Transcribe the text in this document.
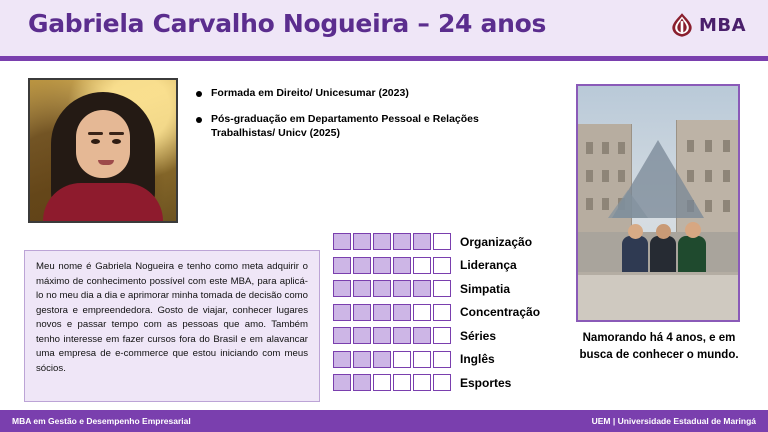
Gabriela Carvalho Nogueira – 24 anos	MBA
Formada em Direito/ Unicesumar (2023)
Pós-graduação em Departamento Pessoal e Relações Trabalhistas/ Unicv (2025)
Meu nome é Gabriela Nogueira e tenho como meta adquirir o máximo de conhecimento possível com este MBA, para aplicá-lo no meu dia a dia e aprimorar minha tomada de decisão como gestora e empreendedora. Gosto de viajar, conhecer lugares novos e passar tempo com as pessoas que amo. Também tenho interesse em fazer cursos fora do Brasil e em alavancar uma empresa de e-commerce que estou iniciando com meus sócios.
Organização
Liderança
Simpatia
Concentração
Séries
Inglês
Esportes
Namorando há 4 anos, e em busca de conhecer o mundo.
MBA em Gestão e Desempenho Empresarial	UEM | Universidade Estadual de Maringá
